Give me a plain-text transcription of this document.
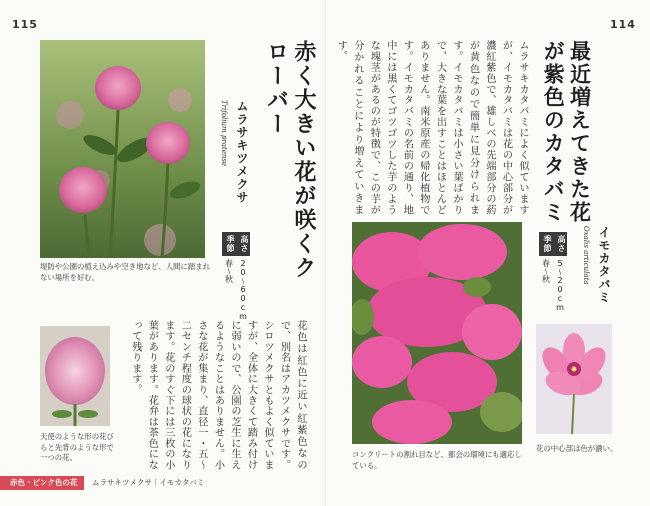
115	114
堤防や公園の植え込みや空き地など、人間に踏まれない場所を好む。
天使のような形の花びらと先背のような形で一つの花。
赤く大きい花が咲くクローバー
ムラサキツメクサ
Trifolium pratense
高さ
20〜60cm
季節
春〜秋
花色は紅色に近い紅紫色なので、別名はアカツメクサです。シロツメクサともよく似ていますが、全体に大きくて踏み付けに弱いので、公園の芝生に生えるようなことはありません。小さな花が集まり、直径一・五〜二センチ程度の球状の花になります。花のすぐ下には三枚の小葉があります。花弁は茶色になって残ります。
ムラサキカタバミによく似ていますが、イモカタバミは花の中心部分が濃紅紫色で、雄しべの先端部分の葯が黄色なので簡単に見分けられます。イモカタバミは小さい葉ばかりで、大きな葉を出すことはほとんどありません。南米原産の帰化植物です。イモカタバミの名前の通り、地中には黒くてゴツゴツした芋のような塊茎があるのが特徴で、この芋が分かれることにより増えていきます。	最近増えてきた花が紫色のカタバミ
コンクリートの割れ目など、都会の環境にも適応している。
イモカタバミ
Oxalis articulata
高さ
5〜20cm
季節
春〜秋
花の中心部は色が濃い。
赤色・ピンク色の花	ムラサキツメクサ｜イモカタバミ
